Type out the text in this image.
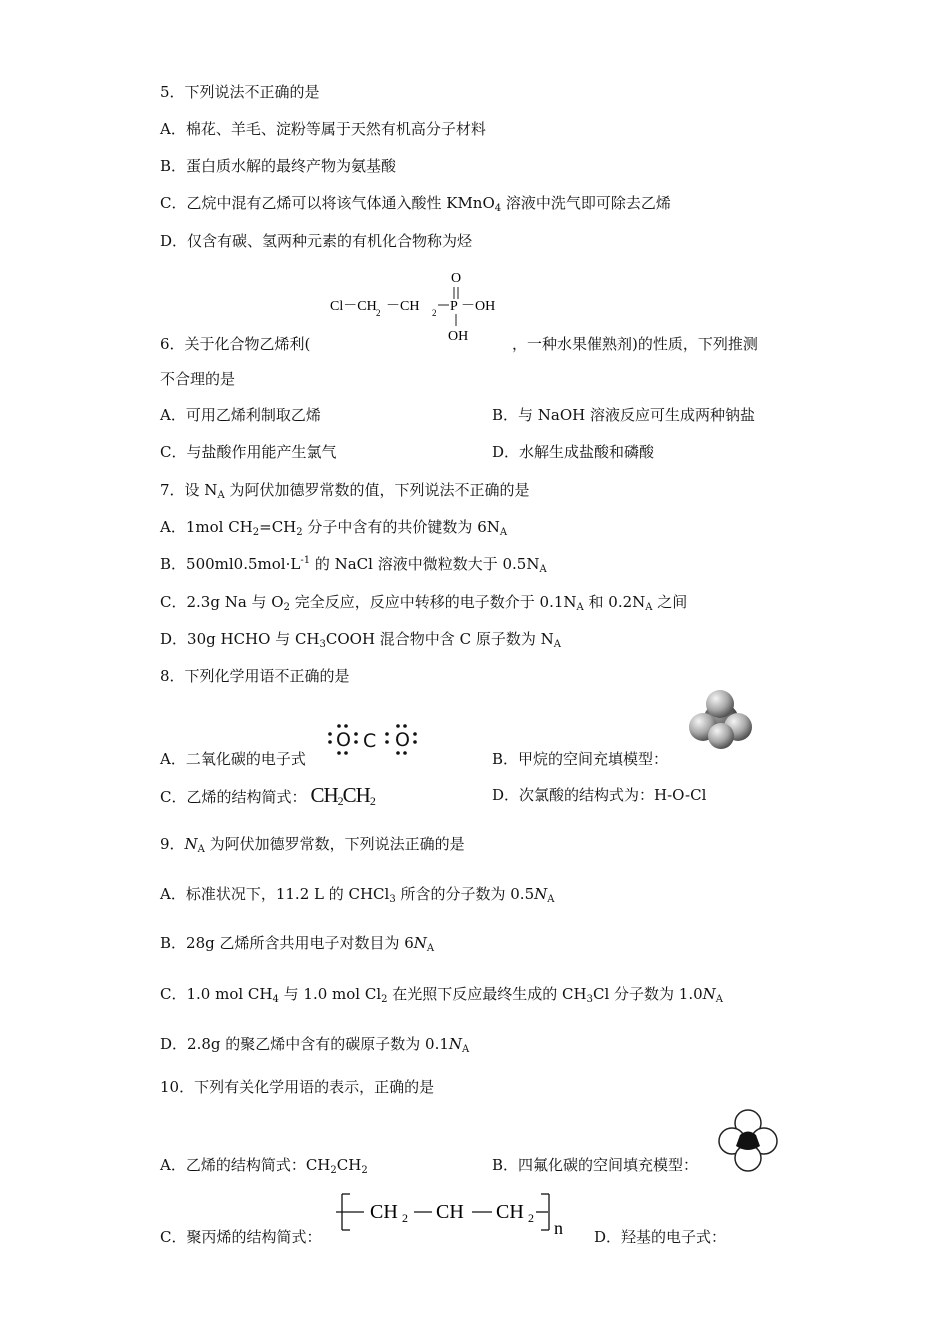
5．下列说法不正确的是
A．棉花、羊毛、淀粉等属于天然有机高分子材料
B．蛋白质水解的最终产物为氨基酸
C．乙烷中混有乙烯可以将该气体通入酸性 KMnO$_4$ 溶液中洗气即可除去乙烯
D．仅含有碳、氢两种元素的有机化合物称为烃
O
Cl－CH 2 －CH 2 P －OH
OH
6．关于化合物乙烯利(	，一种水果催熟剂)的性质，下列推测
不合理的是
A．可用乙烯利制取乙烯	B．与 NaOH 溶液反应可生成两种钠盐
C．与盐酸作用能产生氯气	D．水解生成盐酸和磷酸
7．设 $N_A$ 为阿伏加德罗常数的值，下列说法不正确的是
A．1mol $CH_2=CH_2$ 分子中含有的共价键数为 $6N_A$
B．$500ml0.5mol\cdot L^{-1}$ 的 NaCl 溶液中微粒数大于 $0.5N_A$
C．2.3g Na 与 $O_2$ 完全反应，反应中转移的电子数介于 $0.1N_A$ 和 $0.2N_A$ 之间
D．30g HCHO 与 $CH_3COOH$ 混合物中含 C 原子数为 $N_A$
8．下列化学用语不正确的是
O C O
A．二氧化碳的电子式	B．甲烷的空间充填模型：
C．乙烯的结构简式： $CH_2CH_2$	D．次氯酸的结构式为：H-O-Cl
9．$N_A$ 为阿伏加德罗常数，下列说法正确的是
A．标准状况下，11.2 L 的 CHCl$_3$ 所含的分子数为 $0.5N_A$
B．28g 乙烯所含共用电子对数目为 $6N_A$
C．1.0 mol $CH_4$ 与 1.0 mol $Cl_2$ 在光照下反应最终生成的 $CH_3Cl$ 分子数为 $1.0N_A$
D．2.8g 的聚乙烯中含有的碳原子数为 $0.1N_A$
10．下列有关化学用语的表示，正确的是
A．乙烯的结构简式：$CH_2CH_2$	B．四氟化碳的空间填充模型：
CH 2 CH CH 2 n
C．聚丙烯的结构简式：	D．羟基的电子式：
